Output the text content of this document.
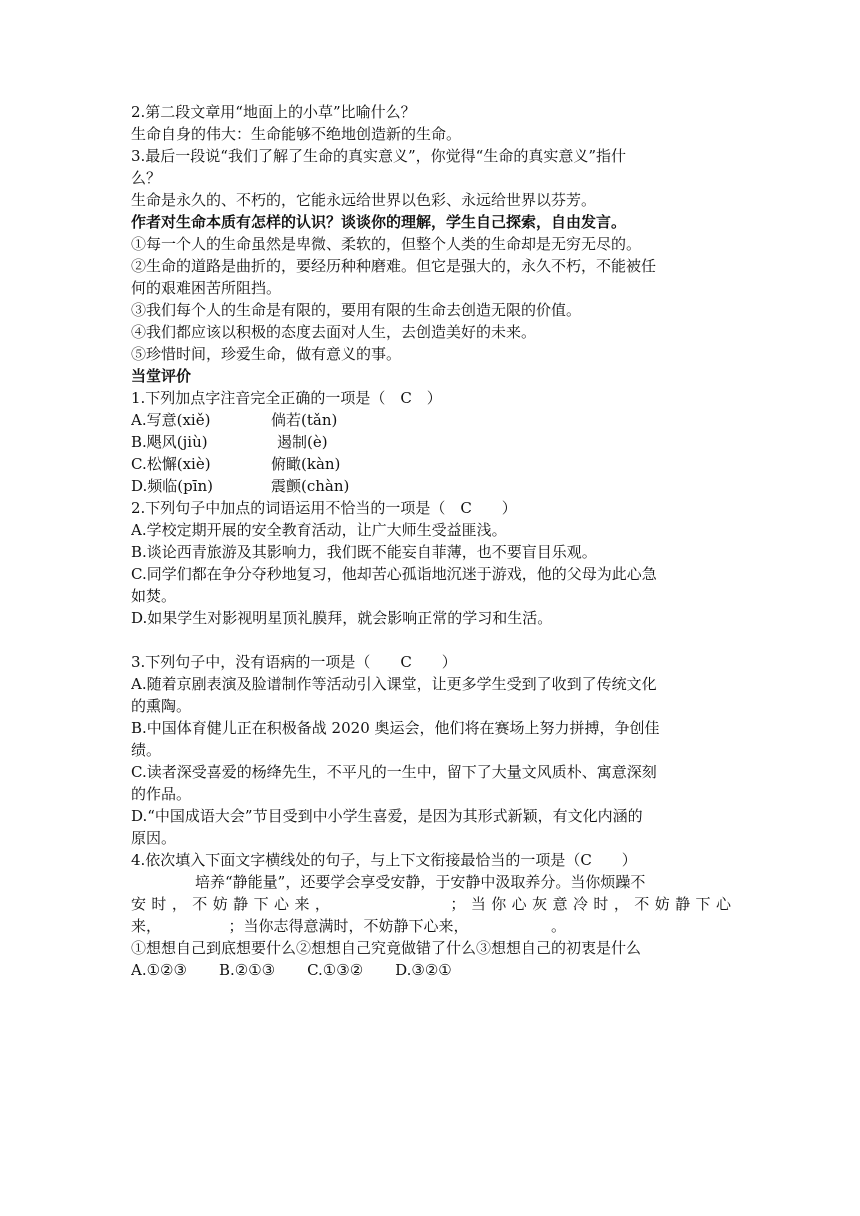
2.第二段文章用“地面上的小草”比喻什么？
生命自身的伟大：生命能够不绝地创造新的生命。
3.最后一段说“我们了解了生命的真实意义”，你觉得“生命的真实意义”指什
么？
生命是永久的、不朽的，它能永远给世界以色彩、永远给世界以芬芳。
作者对生命本质有怎样的认识？谈谈你的理解，学生自己探索，自由发言。
①每一个人的生命虽然是卑微、柔软的，但整个人类的生命却是无穷无尽的。
②生命的道路是曲折的，要经历种种磨难。但它是强大的，永久不朽，不能被任
何的艰难困苦所阻挡。
③我们每个人的生命是有限的，要用有限的生命去创造无限的价值。
④我们都应该以积极的态度去面对人生，去创造美好的未来。
⑤珍惜时间，珍爱生命，做有意义的事。
当堂评价
1.下列加点字注音完全正确的一项是（　C　）
A.写意(xiě)	倘若(tǎn)
B.飓风(jiù)	遏制(è)
C.松懈(xiè)	俯瞰(kàn)
D.频临(pīn)	震颤(chàn)
2.下列句子中加点的词语运用不恰当的一项是（　C　　）
A.学校定期开展的安全教育活动，让广大师生受益匪浅。
B.谈论西青旅游及其影响力，我们既不能妄自菲薄，也不要盲目乐观。
C.同学们都在争分夺秒地复习，他却苦心孤诣地沉迷于游戏，他的父母为此心急
如焚。
D.如果学生对影视明星顶礼膜拜，就会影响正常的学习和生活。
3.下列句子中，没有语病的一项是（　　C　　）
A.随着京剧表演及脸谱制作等活动引入课堂，让更多学生受到了收到了传统文化
的熏陶。
B.中国体育健儿正在积极备战 2020 奥运会，他们将在赛场上努力拼搏，争创佳
绩。
C.读者深受喜爱的杨绛先生，不平凡的一生中，留下了大量文风质朴、寓意深刻
的作品。
D.“中国成语大会”节目受到中小学生喜爱，是因为其形式新颖，有文化内涵的
原因。
4.依次填入下面文字横线处的句子，与上下文衔接最恰当的一项是（C　　）
培养“静能量”，还要学会享受安静，于安静中汲取养分。当你烦躁不
安时，不妨静下心来，　　　　　　；当你心灰意冷时，不妨静下心
来，　　　　　；当你志得意满时，不妨静下心来，　　　　　　。
①想想自己到底想要什么②想想自己究竟做错了什么③想想自己的初衷是什么
A.①②③ B.②①③ C.①③② D.③②①
